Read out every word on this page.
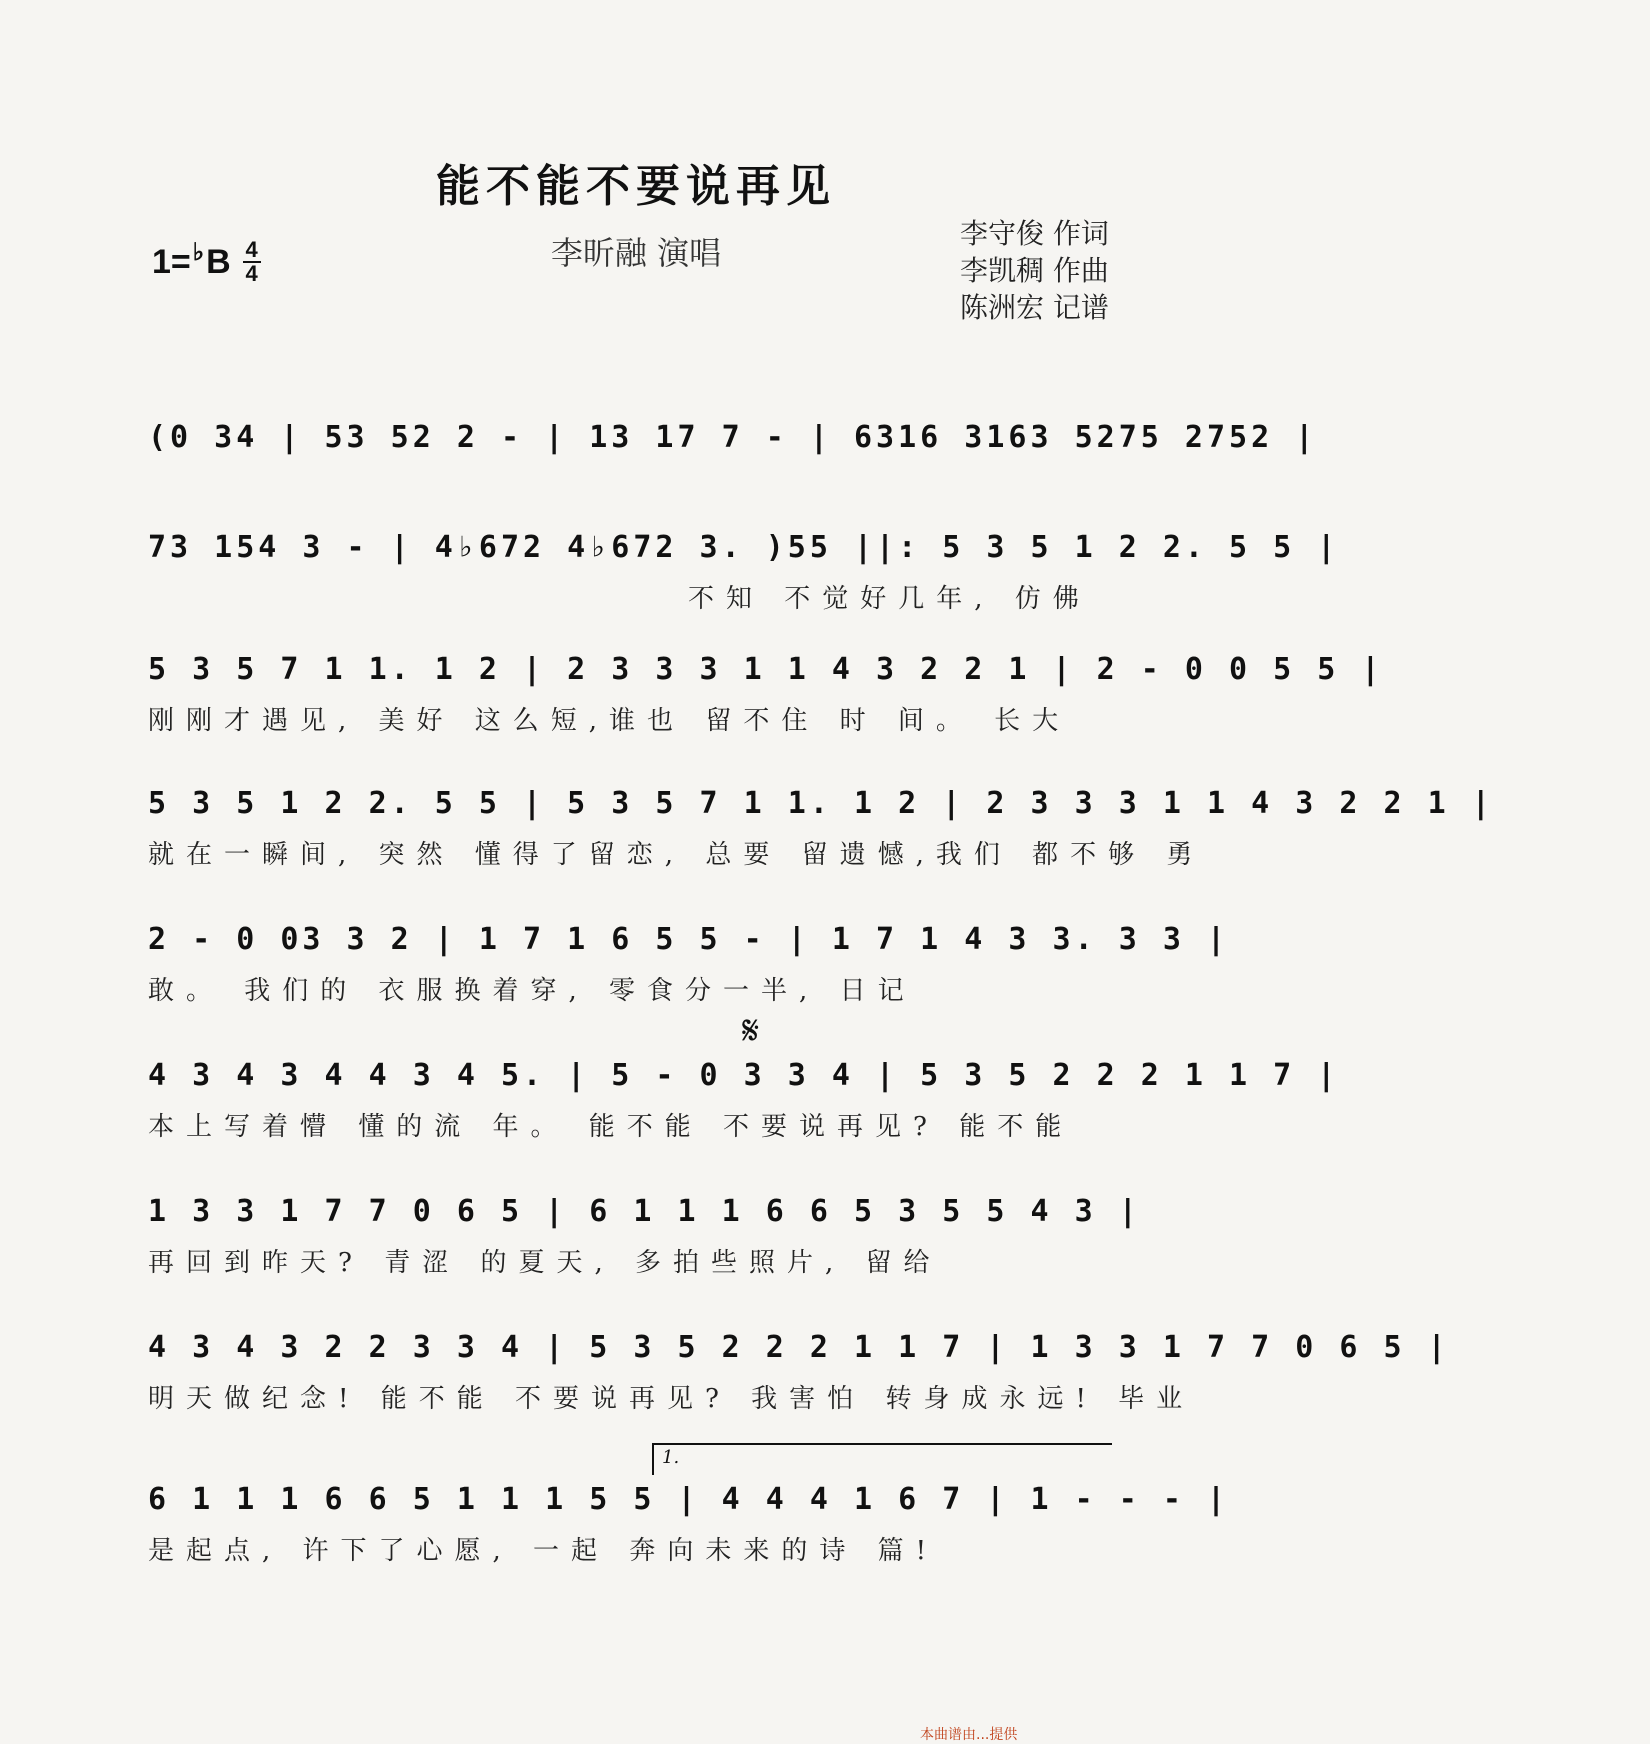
能不能不要说再见
李昕融 演唱
1= ♭ B 4
4
李守俊 作词
李凯稠 作曲
陈洲宏 记谱
(0 34 | 53 52 2 - | 13 17 7 - | 6316 3163 5275 2752 |
73 154 3 - | 4♭672 4♭672 3. )55 ||: 5 3 5 1 2 2. 5 5 |
不知 不觉好几年, 仿佛
5 3 5 7 1 1. 1 2 | 2 3 3 3 1 1 4 3 2 2 1 | 2 - 0 0 5 5 |
刚刚才遇见, 美好 这么短,谁也 留不住 时 间。 长大
5 3 5 1 2 2. 5 5 | 5 3 5 7 1 1. 1 2 | 2 3 3 3 1 1 4 3 2 2 1 |
就在一瞬间, 突然 懂得了留恋, 总要 留遗憾,我们 都不够 勇
2 - 0 03 3 2 | 1 7 1 6 5 5 - | 1 7 1 4 3 3. 3 3 |
敢。 我们的 衣服换着穿, 零食分一半, 日记
𝄋
4 3 4 3 4 4 3 4 5. | 5 - 0 3 3 4 | 5 3 5 2 2 2 1 1 7 |
本上写着懵 懂的流 年。 能不能 不要说再见? 能不能
1 3 3 1 7 7 0 6 5 | 6 1 1 1 6 6 5 3 5 5 4 3 |
再回到昨天? 青涩 的夏天, 多拍些照片, 留给
4 3 4 3 2 2 3 3 4 | 5 3 5 2 2 2 1 1 7 | 1 3 3 1 7 7 0 6 5 |
明天做纪念! 能不能 不要说再见? 我害怕 转身成永远! 毕业
1.
6 1 1 1 6 6 5 1 1 1 5 5 | 4 4 4 1 6 7 | 1 - - - |
是起点, 许下了心愿, 一起 奔向未来的诗 篇!
本曲谱由...提供
